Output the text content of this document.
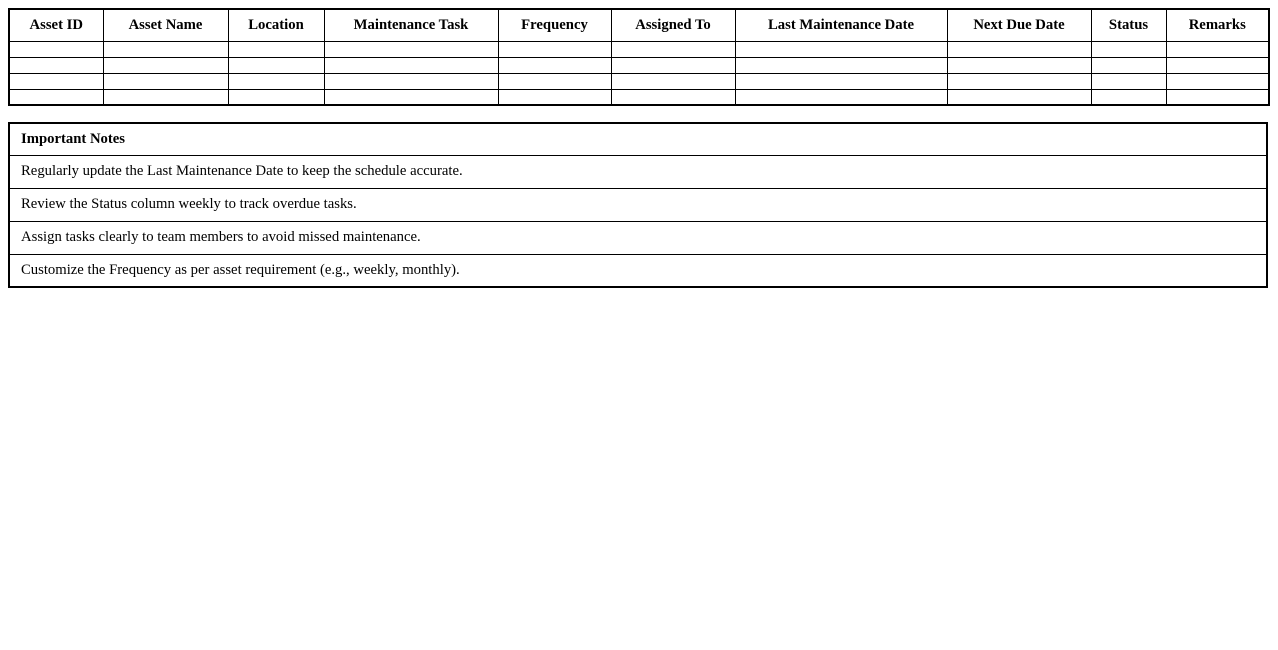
Asset ID	Asset Name	Location	Maintenance Task	Frequency	Assigned To	Last Maintenance Date	Next Due Date	Status	Remarks

Important Notes
Regularly update the Last Maintenance Date to keep the schedule accurate.
Review the Status column weekly to track overdue tasks.
Assign tasks clearly to team members to avoid missed maintenance.
Customize the Frequency as per asset requirement (e.g., weekly, monthly).
